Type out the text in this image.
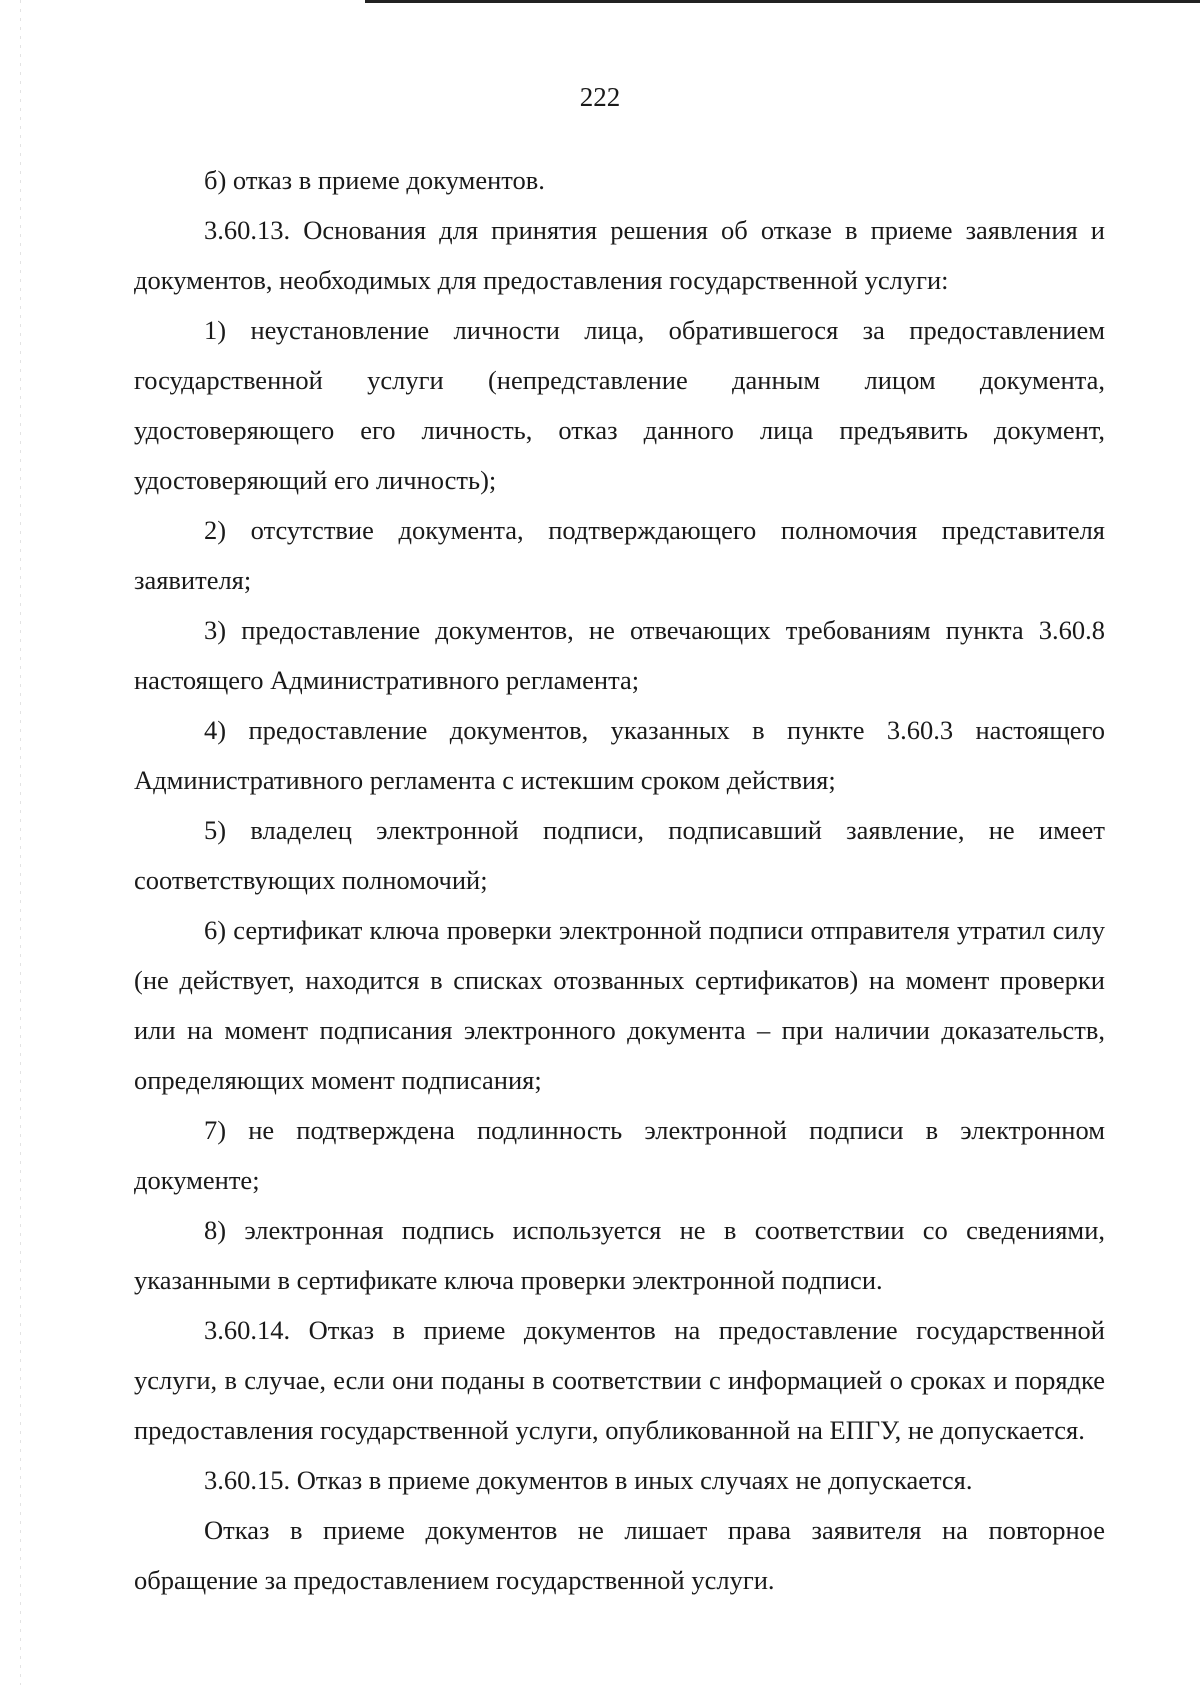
222

б) отказ в приеме документов.

3.60.13. Основания для принятия решения об отказе в приеме заявления и документов, необходимых для предоставления государственной услуги:

1) неустановление личности лица, обратившегося за предоставлением государственной услуги (непредставление данным лицом документа, удостоверяющего его личность, отказ данного лица предъявить документ, удостоверяющий его личность);

2) отсутствие документа, подтверждающего полномочия представителя заявителя;

3) предоставление документов, не отвечающих требованиям пункта 3.60.8 настоящего Административного регламента;

4) предоставление документов, указанных в пункте 3.60.3 настоящего Административного регламента с истекшим сроком действия;

5) владелец электронной подписи, подписавший заявление, не имеет соответствующих полномочий;

6) сертификат ключа проверки электронной подписи отправителя утратил силу (не действует, находится в списках отозванных сертификатов) на момент проверки или на момент подписания электронного документа – при наличии доказательств, определяющих момент подписания;

7) не подтверждена подлинность электронной подписи в электронном документе;

8) электронная подпись используется не в соответствии со сведениями, указанными в сертификате ключа проверки электронной подписи.

3.60.14. Отказ в приеме документов на предоставление государственной услуги, в случае, если они поданы в соответствии с информацией о сроках и порядке предоставления государственной услуги, опубликованной на ЕПГУ, не допускается.

3.60.15. Отказ в приеме документов в иных случаях не допускается.

Отказ в приеме документов не лишает права заявителя на повторное обращение за предоставлением государственной услуги.
